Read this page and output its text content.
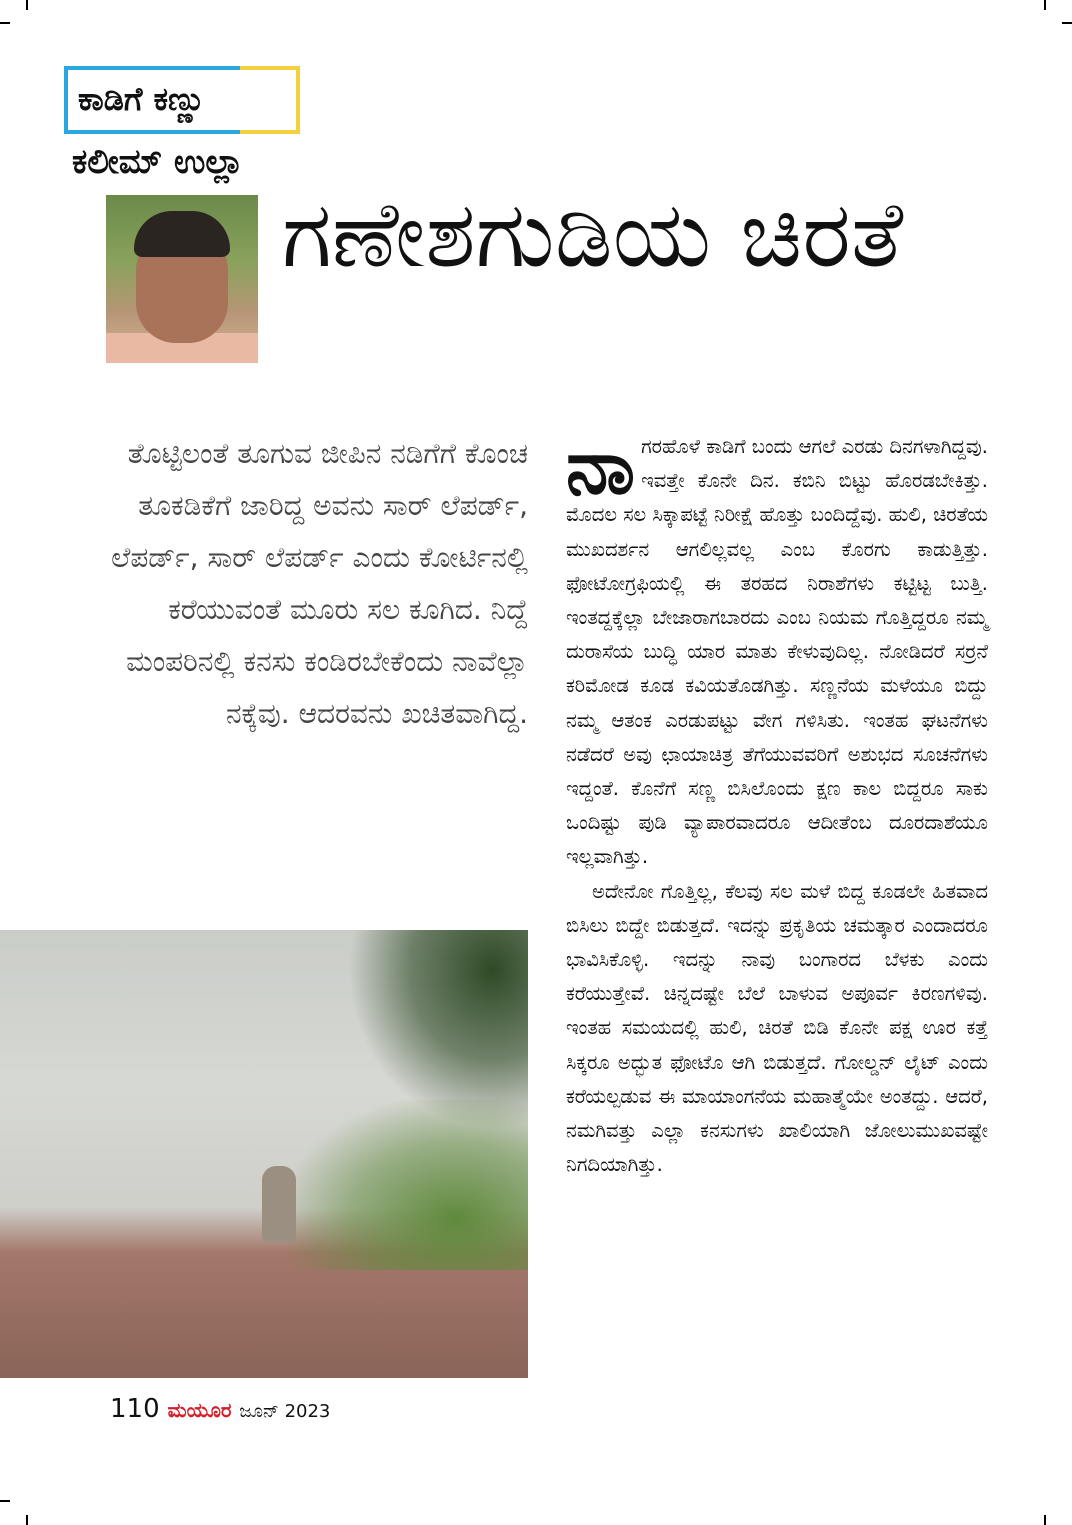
ಕಾಡಿಗೆ ಕಣ್ಣು
ಕಲೀಮ್ ಉಲ್ಲಾ
ಗಣೇಶಗುಡಿಯ ಚಿರತೆ

ತೊಟ್ಟಿಲಂತೆ ತೂಗುವ ಜೀಪಿನ ನಡಿಗೆಗೆ ಕೊಂಚ ತೂಕಡಿಕೆಗೆ ಜಾರಿದ್ದ ಅವನು ಸಾರ್ ಲೆಪರ್ಡ್, ಲೆಪರ್ಡ್, ಸಾರ್ ಲೆಪರ್ಡ್ ಎಂದು ಕೋರ್ಟಿನಲ್ಲಿ ಕರೆಯುವಂತೆ ಮೂರು ಸಲ ಕೂಗಿದ. ನಿದ್ದೆ ಮಂಪರಿನಲ್ಲಿ ಕನಸು ಕಂಡಿರಬೇಕೆಂದು ನಾವೆಲ್ಲಾ ನಕ್ಕೆವು. ಆದರವನು ಖಚಿತವಾಗಿದ್ದ.

ನಾಗರಹೊಳೆ ಕಾಡಿಗೆ ಬಂದು ಆಗಲೆ ಎರಡು ದಿನಗಳಾಗಿದ್ದವು. ಇವತ್ತೇ ಕೊನೇ ದಿನ. ಕಬಿನಿ ಬಿಟ್ಟು ಹೊರಡಬೇಕಿತ್ತು. ಮೊದಲ ಸಲ ಸಿಕ್ಕಾಪಟ್ಟೆ ನಿರೀಕ್ಷೆ ಹೊತ್ತು ಬಂದಿದ್ದೆವು. ಹುಲಿ, ಚಿರತೆಯ ಮುಖದರ್ಶನ ಆಗಲಿಲ್ಲವಲ್ಲ ಎಂಬ ಕೊರಗು ಕಾಡುತ್ತಿತ್ತು. ಫೋಟೋಗ್ರಫಿಯಲ್ಲಿ ಈ ತರಹದ ನಿರಾಶೆಗಳು ಕಟ್ಟಿಟ್ಟ ಬುತ್ತಿ. ಇಂತದ್ದಕ್ಕೆಲ್ಲಾ ಬೇಜಾರಾಗಬಾರದು ಎಂಬ ನಿಯಮ ಗೊತ್ತಿದ್ದರೂ ನಮ್ಮ ದುರಾಸೆಯ ಬುದ್ಧಿ ಯಾರ ಮಾತು ಕೇಳುವುದಿಲ್ಲ. ನೋಡಿದರೆ ಸರ್ರನೆ ಕರಿಮೋಡ ಕೂಡ ಕವಿಯತೊಡಗಿತ್ತು. ಸಣ್ಣನೆಯ ಮಳೆಯೂ ಬಿದ್ದು ನಮ್ಮ ಆತಂಕ ಎರಡುಪಟ್ಟು ವೇಗ ಗಳಿಸಿತು. ಇಂತಹ ಘಟನೆಗಳು ನಡೆದರೆ ಅವು ಛಾಯಾಚಿತ್ರ ತೆಗೆಯುವವರಿಗೆ ಅಶುಭದ ಸೂಚನೆಗಳು ಇದ್ದಂತೆ. ಕೊನೆಗೆ ಸಣ್ಣ ಬಿಸಿಲೊಂದು ಕ್ಷಣ ಕಾಲ ಬಿದ್ದರೂ ಸಾಕು ಒಂದಿಷ್ಟು ಪುಡಿ ವ್ಯಾಪಾರವಾದರೂ ಆದೀತೆಂಬ ದೂರದಾಶೆಯೂ ಇಲ್ಲವಾಗಿತ್ತು.

ಅದೇನೋ ಗೊತ್ತಿಲ್ಲ, ಕೆಲವು ಸಲ ಮಳೆ ಬಿದ್ದ ಕೂಡಲೇ ಹಿತವಾದ ಬಿಸಿಲು ಬಿದ್ದೇ ಬಿಡುತ್ತದೆ. ಇದನ್ನು ಪ್ರಕೃತಿಯ ಚಮತ್ಕಾರ ಎಂದಾದರೂ ಭಾವಿಸಿಕೊಳ್ಳಿ. ಇದನ್ನು ನಾವು ಬಂಗಾರದ ಬೆಳಕು ಎಂದು ಕರೆಯುತ್ತೇವೆ. ಚಿನ್ನದಷ್ಟೇ ಬೆಲೆ ಬಾಳುವ ಅಪೂರ್ವ ಕಿರಣಗಳಿವು. ಇಂತಹ ಸಮಯದಲ್ಲಿ ಹುಲಿ, ಚಿರತೆ ಬಿಡಿ ಕೊನೇ ಪಕ್ಷ ಊರ ಕತ್ತೆ ಸಿಕ್ಕರೂ ಅದ್ಭುತ ಫೋಟೊ ಆಗಿ ಬಿಡುತ್ತದೆ. ಗೋಲ್ಡನ್ ಲೈಟ್ ಎಂದು ಕರೆಯಲ್ಪಡುವ ಈ ಮಾಯಾಂಗನೆಯ ಮಹಾತ್ಮೆಯೇ ಅಂತದ್ದು. ಆದರೆ, ನಮಗಿವತ್ತು ಎಲ್ಲಾ ಕನಸುಗಳು ಖಾಲಿಯಾಗಿ ಜೋಲುಮುಖವಷ್ಟೇ ನಿಗದಿಯಾಗಿತ್ತು.

110 ಮಯೂರ ಜೂನ್ 2023
